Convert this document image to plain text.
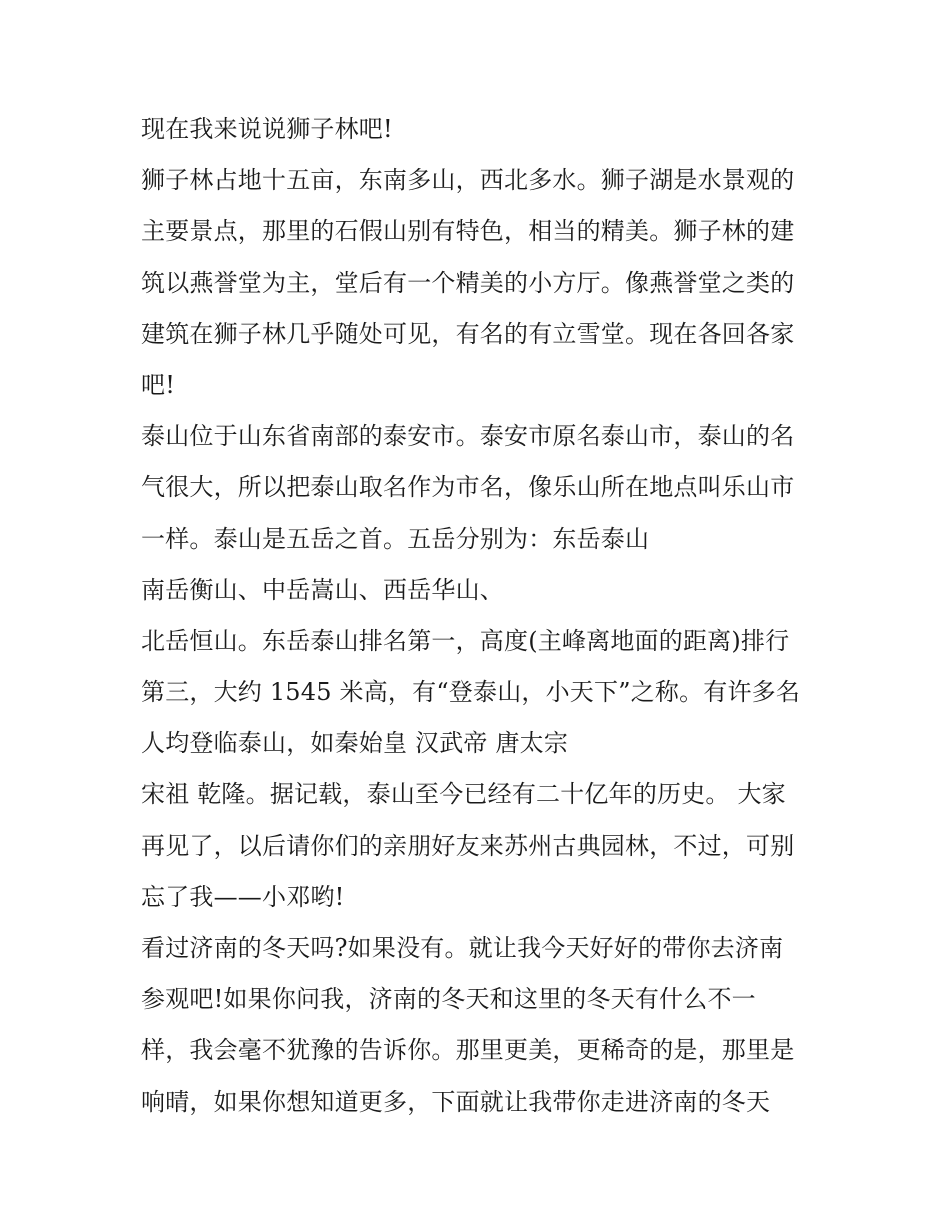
现在我来说说狮子林吧!
狮子林占地十五亩，东南多山，西北多水。狮子湖是水景观的
主要景点，那里的石假山别有特色，相当的精美。狮子林的建
筑以燕誉堂为主，堂后有一个精美的小方厅。像燕誉堂之类的
建筑在狮子林几乎随处可见，有名的有立雪堂。现在各回各家
吧!
泰山位于山东省南部的泰安市。泰安市原名泰山市，泰山的名
气很大，所以把泰山取名作为市名，像乐山所在地点叫乐山市
一样。泰山是五岳之首。五岳分别为：东岳泰山
南岳衡山、中岳嵩山、西岳华山、
北岳恒山。东岳泰山排名第一，高度(主峰离地面的距离)排行
第三，大约 1545 米高，有“登泰山，小天下”之称。有许多名
人均登临泰山，如秦始皇 汉武帝 唐太宗
宋祖 乾隆。据记载，泰山至今已经有二十亿年的历史。 大家
再见了，以后请你们的亲朋好友来苏州古典园林，不过，可别
忘了我——小邓哟!
看过济南的冬天吗?如果没有。就让我今天好好的带你去济南
参观吧!如果你问我，济南的冬天和这里的冬天有什么不一
样，我会毫不犹豫的告诉你。那里更美，更稀奇的是，那里是
响晴，如果你想知道更多，下面就让我带你走进济南的冬天
